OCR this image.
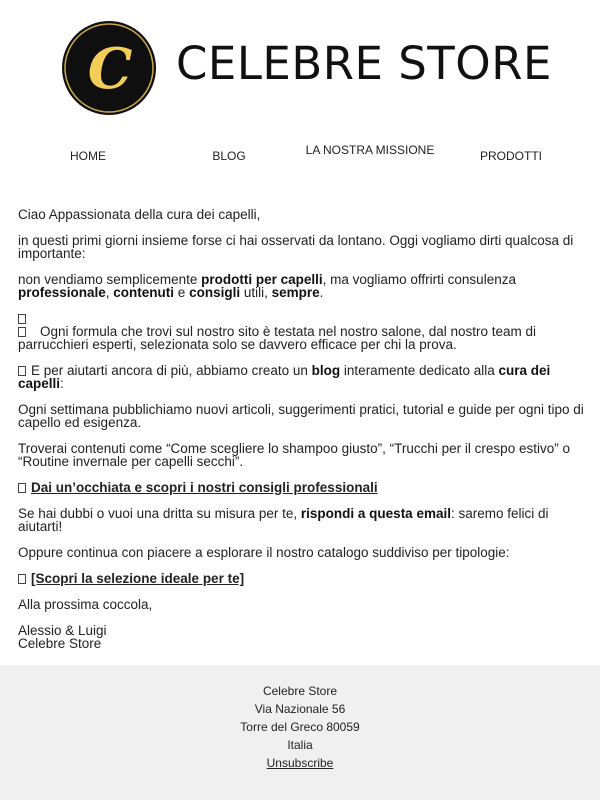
C CELEBRE STORE
HOME	BLOG	LA NOSTRA MISSIONE	PRODOTTI

Ciao Appassionata della cura dei capelli,

in questi primi giorni insieme forse ci hai osservati da lontano. Oggi vogliamo dirti qualcosa di importante:

non vendiamo semplicemente prodotti per capelli, ma vogliamo offrirti consulenza professionale, contenuti e consigli utili, sempre.

Ogni formula che trovi sul nostro sito è testata nel nostro salone, dal nostro team di parrucchieri esperti, selezionata solo se davvero efficace per chi la prova.

E per aiutarti ancora di più, abbiamo creato un blog interamente dedicato alla cura dei capelli:

Ogni settimana pubblichiamo nuovi articoli, suggerimenti pratici, tutorial e guide per ogni tipo di capello ed esigenza.

Troverai contenuti come “Come scegliere lo shampoo giusto”, “Trucchi per il crespo estivo” o “Routine invernale per capelli secchi”.

Dai un’occhiata e scopri i nostri consigli professionali

Se hai dubbi o vuoi una dritta su misura per te, rispondi a questa email: saremo felici di aiutarti!

Oppure continua con piacere a esplorare il nostro catalogo suddiviso per tipologie:

[Scopri la selezione ideale per te]

Alla prossima coccola,

Alessio & Luigi
Celebre Store

Celebre Store
Via Nazionale 56
Torre del Greco 80059
Italia
Unsubscribe
